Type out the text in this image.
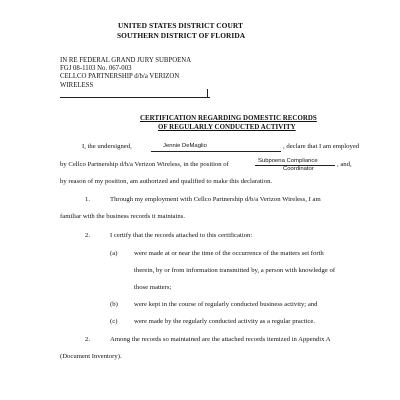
UNITED STATES DISTRICT COURT
SOUTHERN DISTRICT OF FLORIDA
IN RE FEDERAL GRAND JURY SUBPOENA
FGJ 08-1103 No. 067-003
CELLCO PARTNERSHIP d/b/a VERIZON
WIRELESS
CERTIFICATION REGARDING DOMESTIC RECORDS
OF REGULARLY CONDUCTED ACTIVITY
I, the undersigned,	Jennie DeMaglio	, declare that I am employed
by Cellco Partnership d/b/a Verizon Wireless, in the position of	Subpoena Compliance
Coordinator
, and,
by reason of my position, am authorized and qualified to make this declaration.
1.	Through my employment with Cellco Partnership d/b/a Verizon Wireless, I am
familiar with the business records it maintains.
2.	I certify that the records attached to this certification:
(a) were made at or near the time of the occurrence of the matters set forth
therein, by or from information transmitted by, a person with knowledge of
those matters;
(b) were kept in the course of regularly conducted business activity; and
(c) were made by the regularly conducted activity as a regular practice.
2.	Among the records so maintained are the attached records itemized in Appendix A
(Document Inventory).
